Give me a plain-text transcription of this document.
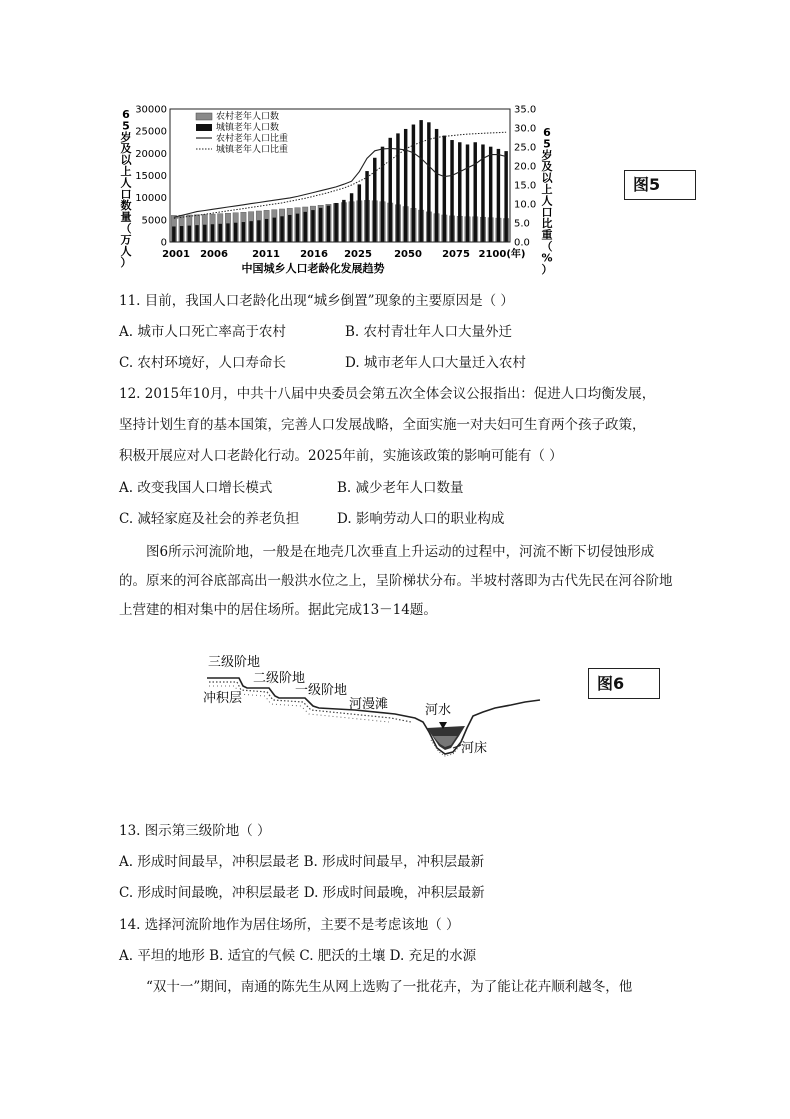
6
5
岁
及
以
上
人
口
数
量
（
万
人
）
6
5
岁
及
以
上
人
口
比
重
（
%
）
30000
25000
20000
15000
10000
5000
0
35.0
30.0
25.0
20.0
15.0
10.0
5.0
0.0
农村老年人口数
城镇老年人口数
农村老年人口比重
城镇老年人口比重
2001 2006 2011 2016 2025 2050 2075 2100(年)
中国城乡人口老龄化发展趋势
图5
11. 目前，我国人口老龄化出现“城乡倒置”现象的主要原因是（ ）
A. 城市人口死亡率高于农村	B. 农村青壮年人口大量外迁
C. 农村环境好，人口寿命长	D. 城市老年人口大量迁入农村
12. 2015年10月，中共十八届中央委员会第五次全体会议公报指出：促进人口均衡发展，
坚持计划生育的基本国策，完善人口发展战略，全面实施一对夫妇可生育两个孩子政策，
积极开展应对人口老龄化行动。2025年前，实施该政策的影响可能有（ ）
A. 改变我国人口增长模式	B. 减少老年人口数量
C. 减轻家庭及社会的养老负担	D. 影响劳动人口的职业构成
图6所示河流阶地，一般是在地壳几次垂直上升运动的过程中，河流不断下切侵蚀形成的。原来的河谷底部高出一般洪水位之上，呈阶梯状分布。半坡村落即为古代先民在河谷阶地上营建的相对集中的居住场所。据此完成13－14题。
三级阶地
二级阶地
一级阶地
冲积层	河漫滩	河水
河床
图6
13. 图示第三级阶地（ ）
A. 形成时间最早，冲积层最老 B. 形成时间最早，冲积层最新
C. 形成时间最晚，冲积层最老 D. 形成时间最晚，冲积层最新
14. 选择河流阶地作为居住场所，主要不是考虑该地（ ）
A. 平坦的地形 B. 适宜的气候 C. 肥沃的土壤 D. 充足的水源
“双十一”期间，南通的陈先生从网上选购了一批花卉，为了能让花卉顺利越冬，他
